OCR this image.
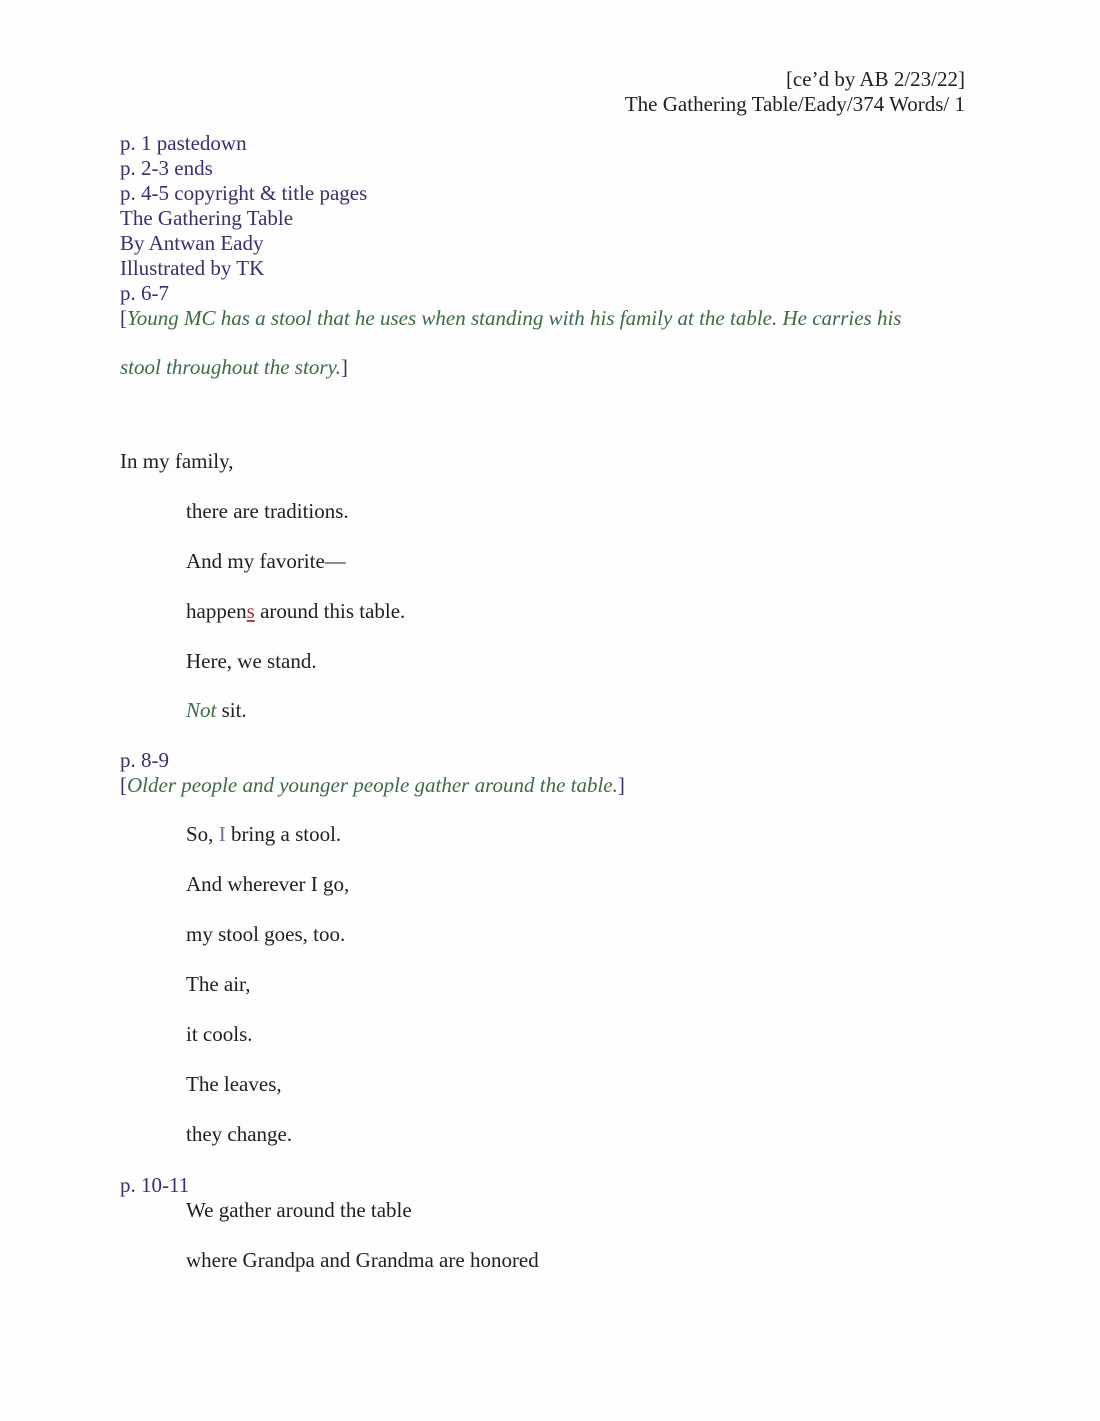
[ce’d by AB 2/23/22]
The Gathering Table/Eady/374 Words/ 1
p. 1 pastedown
p. 2-3 ends
p. 4-5 copyright & title pages
The Gathering Table
By Antwan Eady
Illustrated by TK
p. 6-7
[Young MC has a stool that he uses when standing with his family at the table. He carries his
stool throughout the story.]
In my family,
there are traditions.
And my favorite—
happens around this table.
Here, we stand.
Not sit.
p. 8-9
[Older people and younger people gather around the table.]
So, I bring a stool.
And wherever I go,
my stool goes, too.
The air,
it cools.
The leaves,
they change.
p. 10-11
We gather around the table
where Grandpa and Grandma are honored
